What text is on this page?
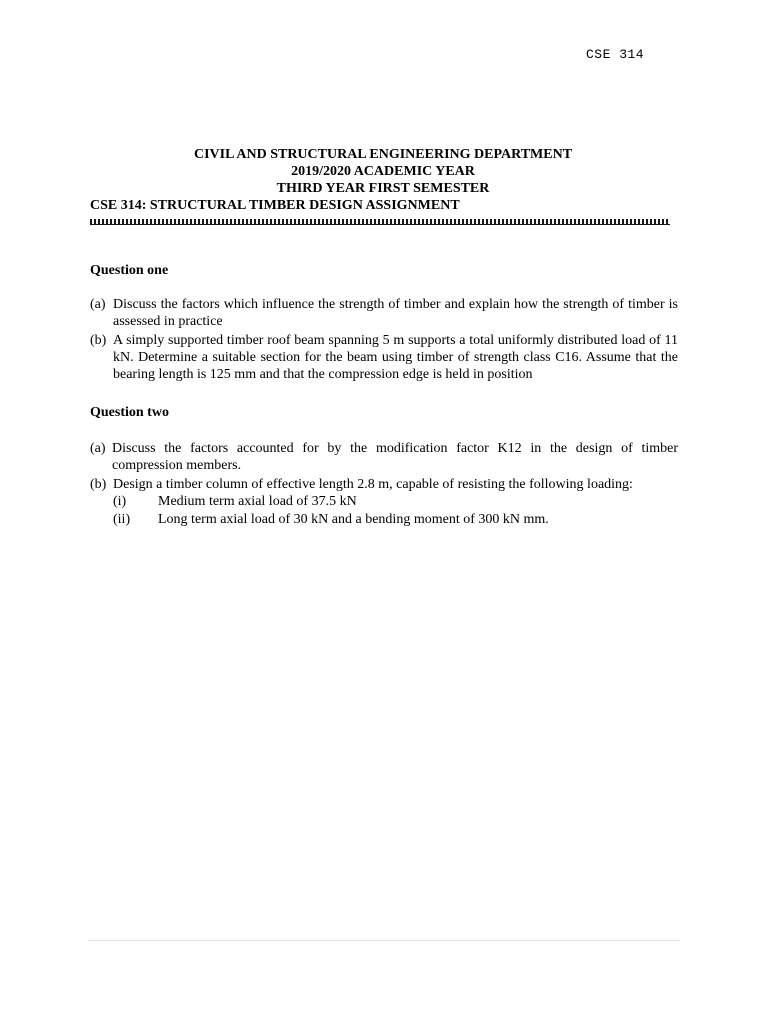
CSE 314
CIVIL AND STRUCTURAL ENGINEERING DEPARTMENT
2019/2020 ACADEMIC YEAR
THIRD YEAR FIRST SEMESTER
CSE 314: STRUCTURAL TIMBER DESIGN ASSIGNMENT
Question one
(a) Discuss the factors which influence the strength of timber and explain how the strength of timber is assessed in practice
(b) A simply supported timber roof beam spanning 5 m supports a total uniformly distributed load of 11 kN. Determine a suitable section for the beam using timber of strength class C16. Assume that the bearing length is 125 mm and that the compression edge is held in position
Question two
(a) Discuss the factors accounted for by the modification factor K12 in the design of timber compression members.
(b) Design a timber column of effective length 2.8 m, capable of resisting the following loading:
(i) Medium term axial load of 37.5 kN
(ii) Long term axial load of 30 kN and a bending moment of 300 kN mm.
